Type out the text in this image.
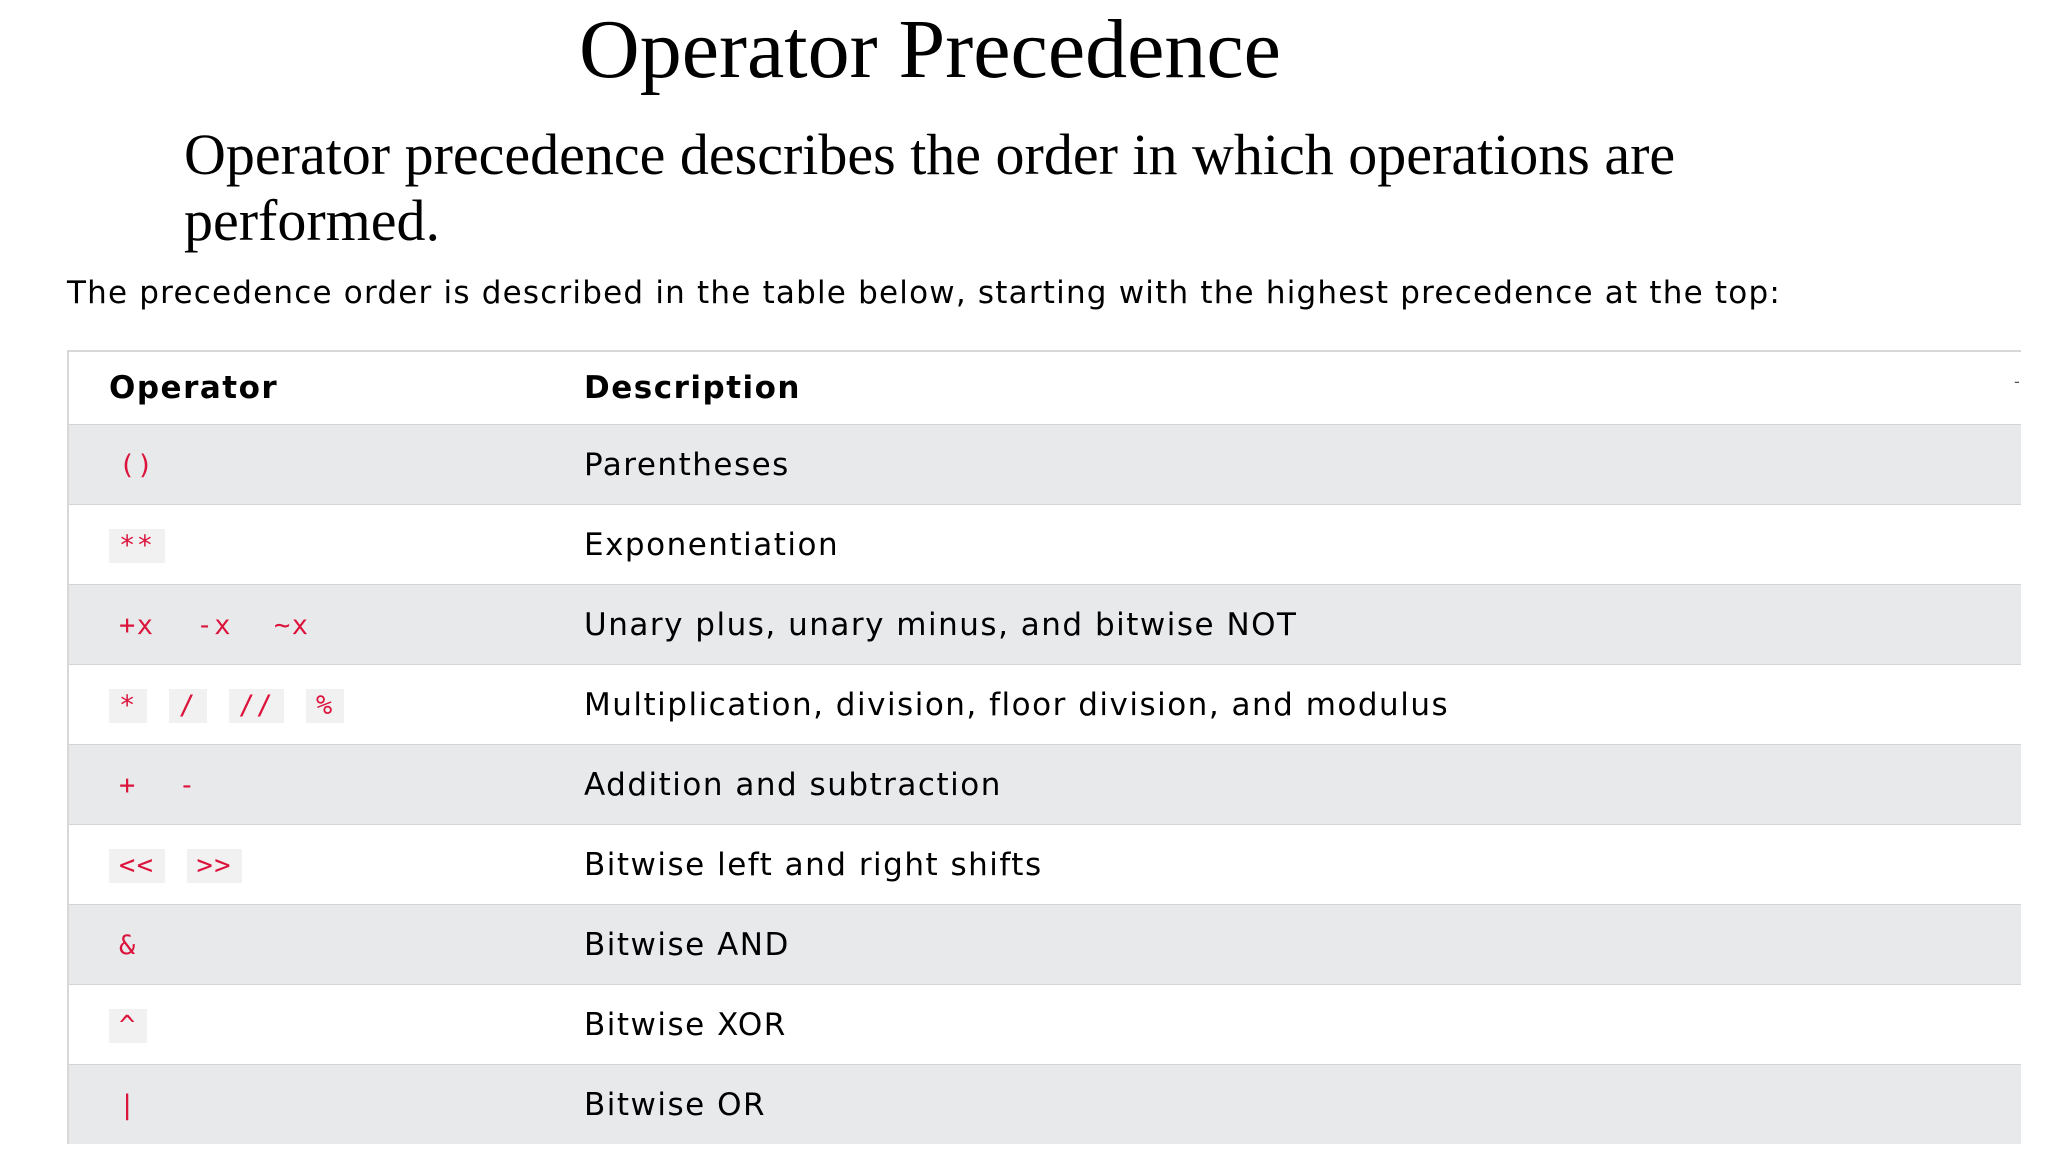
Operator Precedence

Operator precedence describes the order in which operations are performed.

The precedence order is described in the table below, starting with the highest precedence at the top:

-
Operator	Description
()	Parentheses
**	Exponentiation
+x -x ~x	Unary plus, unary minus, and bitwise NOT
* / // %	Multiplication, division, floor division, and modulus
+ -	Addition and subtraction
<< >>	Bitwise left and right shifts
&	Bitwise AND
^	Bitwise XOR
|	Bitwise OR
